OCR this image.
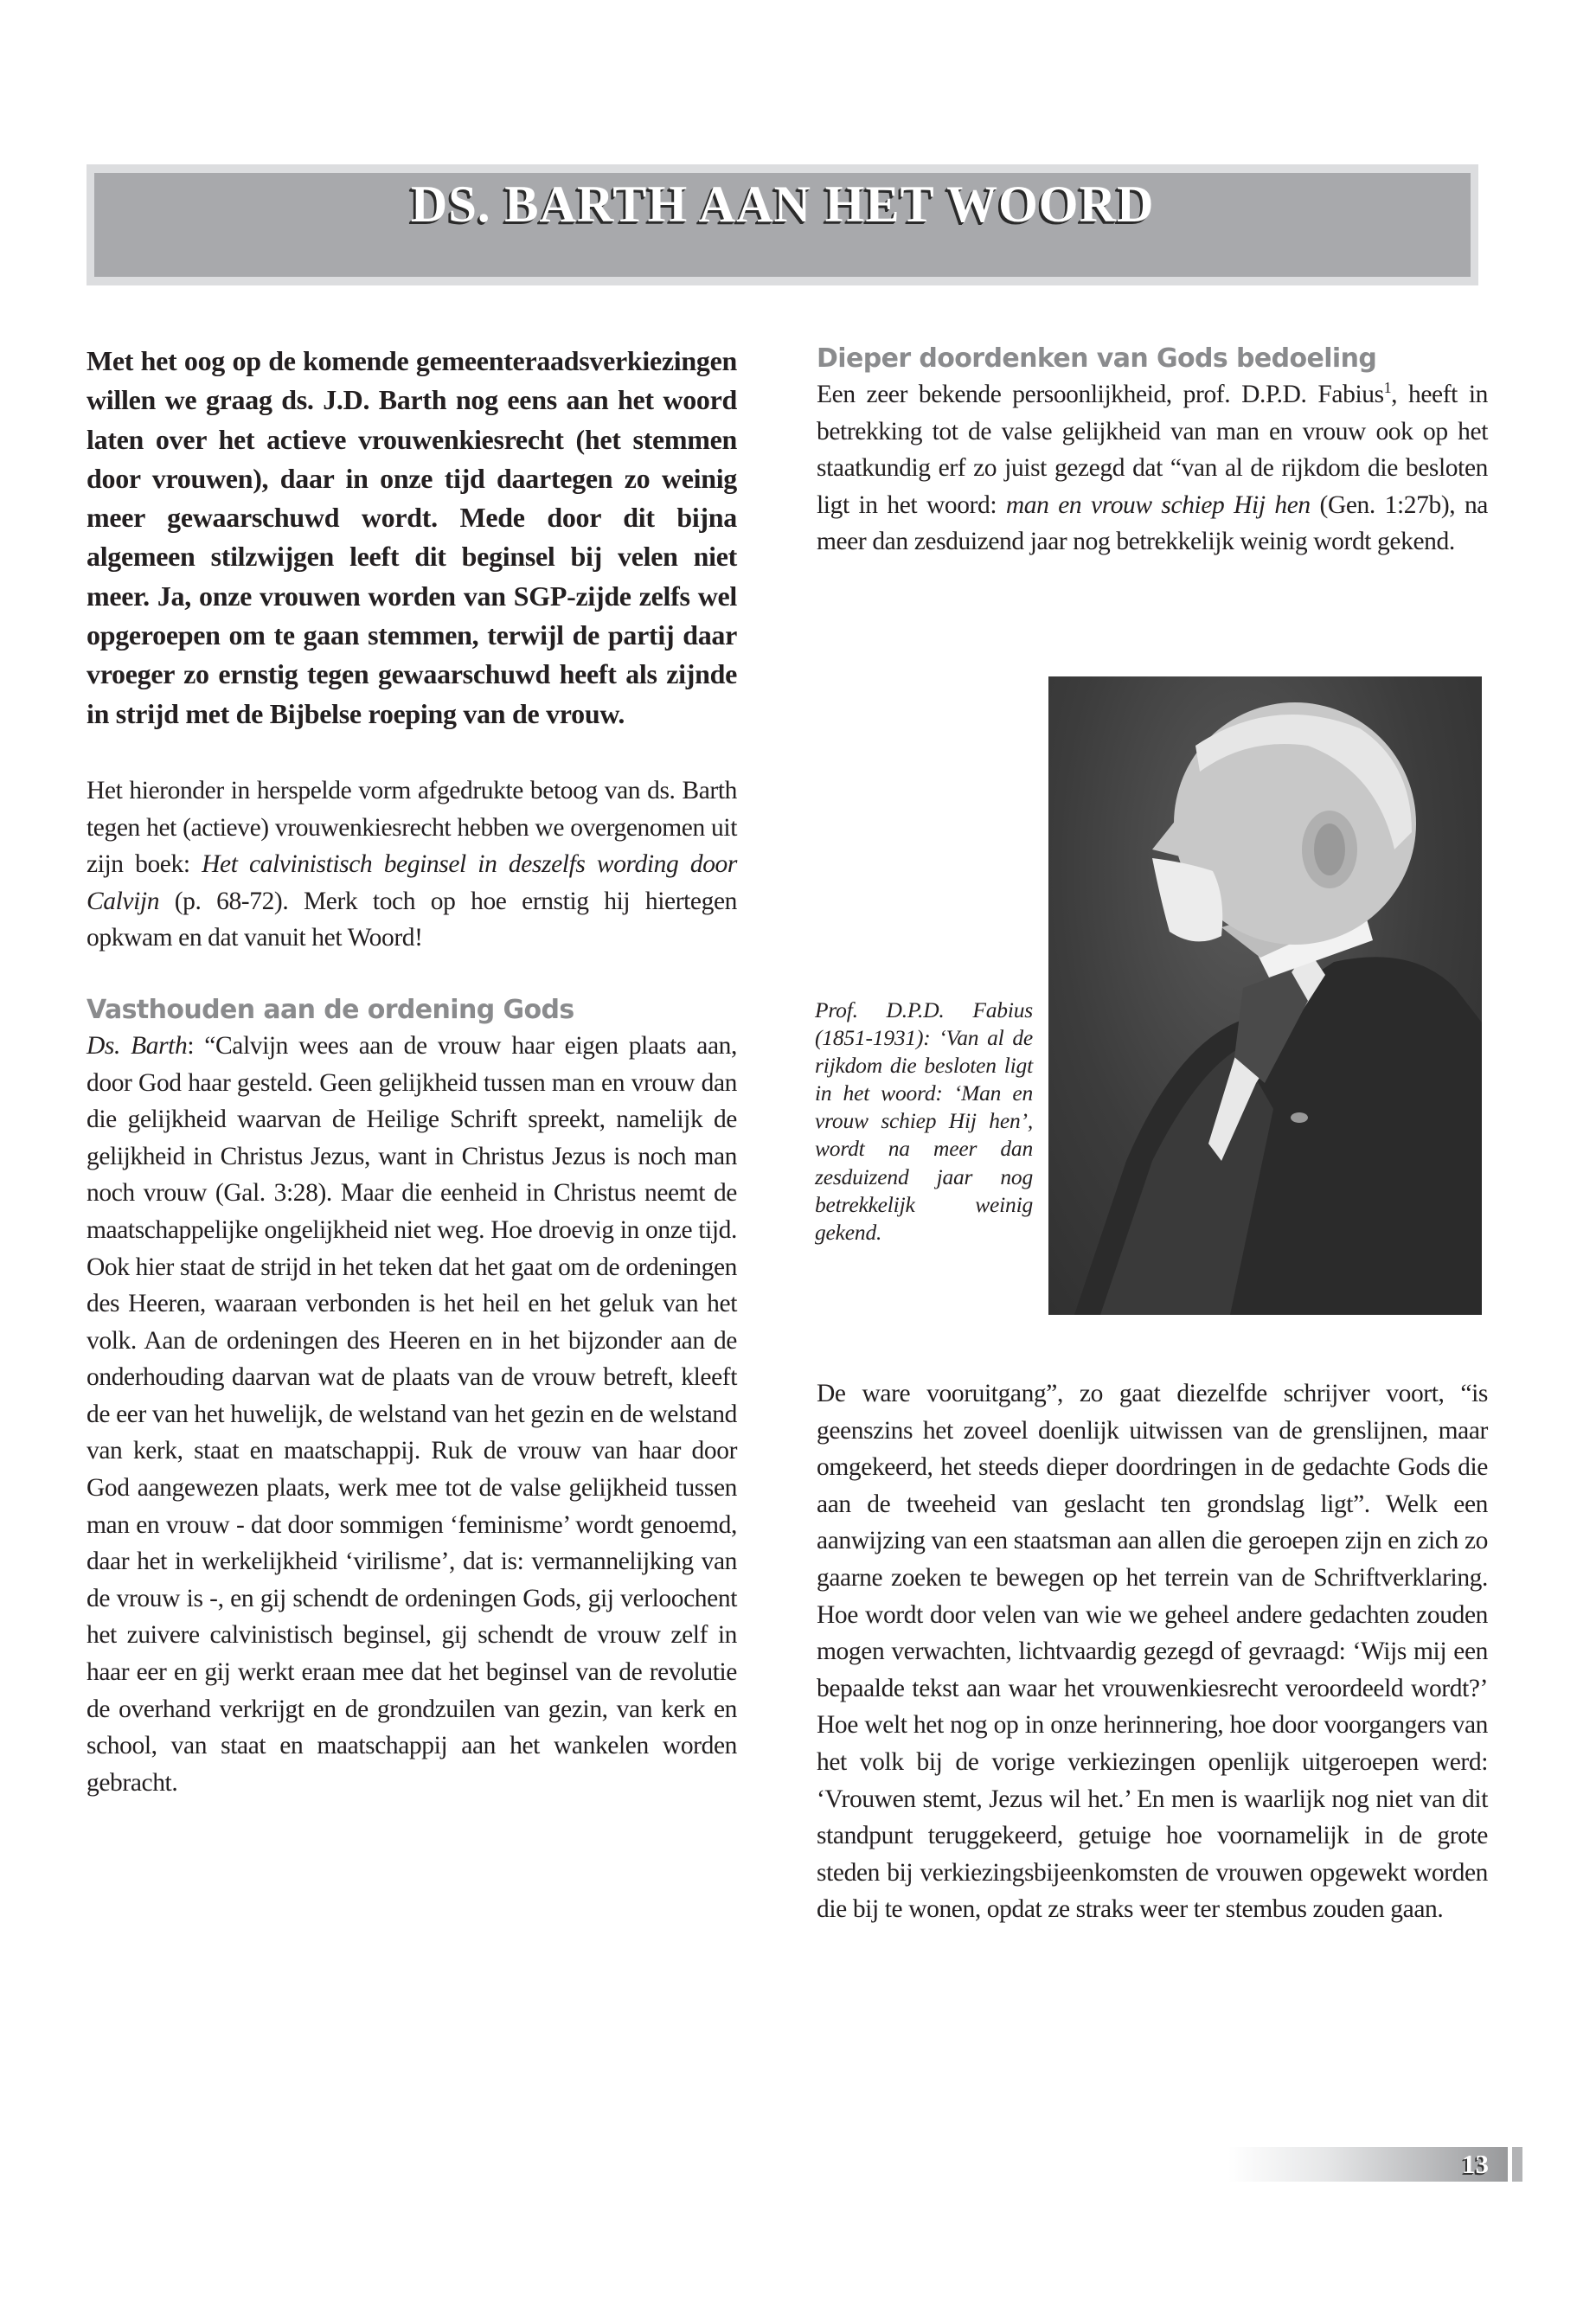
DS. BARTH AAN HET WOORD

Met het oog op de komende gemeenteraadsverkiezingen willen we graag ds. J.D. Barth nog eens aan het woord laten over het actieve vrouwenkiesrecht (het stemmen door vrouwen), daar in onze tijd daartegen zo weinig meer gewaarschuwd wordt. Mede door dit bijna algemeen stilzwijgen leeft dit beginsel bij velen niet meer. Ja, onze vrouwen worden van SGP-zijde zelfs wel opgeroepen om te gaan stemmen, terwijl de partij daar vroeger zo ernstig tegen gewaarschuwd heeft als zijnde in strijd met de Bijbelse roeping van de vrouw.

Het hieronder in herspelde vorm afgedrukte betoog van ds. Barth tegen het (actieve) vrouwenkiesrecht hebben we overgenomen uit zijn boek: Het calvinistisch beginsel in deszelfs wording door Calvijn (p. 68-72). Merk toch op hoe ernstig hij hiertegen opkwam en dat vanuit het Woord!

Vasthouden aan de ordening Gods

Ds. Barth: “Calvijn wees aan de vrouw haar eigen plaats aan, door God haar gesteld. Geen gelijkheid tussen man en vrouw dan die gelijkheid waarvan de Heilige Schrift spreekt, namelijk de gelijkheid in Christus Jezus, want in Christus Jezus is noch man noch vrouw (Gal. 3:28). Maar die eenheid in Christus neemt de maatschappelijke ongelijkheid niet weg. Hoe droevig in onze tijd. Ook hier staat de strijd in het teken dat het gaat om de ordeningen des Heeren, waaraan verbonden is het heil en het geluk van het volk. Aan de ordeningen des Heeren en in het bijzonder aan de onderhouding daarvan wat de plaats van de vrouw betreft, kleeft de eer van het huwelijk, de welstand van het gezin en de welstand van kerk, staat en maatschappij. Ruk de vrouw van haar door God aangewezen plaats, werk mee tot de valse gelijkheid tussen man en vrouw - dat door sommigen ‘feminisme’ wordt genoemd, daar het in werkelijkheid ‘virilisme’, dat is: vermannelijking van de vrouw is -, en gij schendt de ordeningen Gods, gij verloochent het zuivere calvinistisch beginsel, gij schendt de vrouw zelf in haar eer en gij werkt eraan mee dat het beginsel van de revolutie de overhand verkrijgt en de grondzuilen van gezin, van kerk en school, van staat en maatschappij aan het wankelen worden gebracht.

Dieper doordenken van Gods bedoeling

Een zeer bekende persoonlijkheid, prof. D.P.D. Fabius$^1$, heeft in betrekking tot de valse gelijkheid van man en vrouw ook op het staatkundig erf zo juist gezegd dat “van al de rijkdom die besloten ligt in het woord: man en vrouw schiep Hij hen (Gen. 1:27b), na meer dan zesduizend jaar nog betrekkelijk weinig wordt gekend.

Prof. D.P.D. Fabius (1851-1931): ‘Van al de rijkdom die besloten ligt in het woord: ‘Man en vrouw schiep Hij hen’, wordt na meer dan zesduizend jaar nog betrekkelijk weinig gekend.

De ware vooruitgang”, zo gaat diezelfde schrijver voort, “is geenszins het zoveel doenlijk uitwissen van de grenslijnen, maar omgekeerd, het steeds dieper doordringen in de gedachte Gods die aan de tweeheid van geslacht ten grondslag ligt”. Welk een aanwijzing van een staatsman aan allen die geroepen zijn en zich zo gaarne zoeken te bewegen op het terrein van de Schriftverklaring. Hoe wordt door velen van wie we geheel andere gedachten zouden mogen verwachten, lichtvaardig gezegd of gevraagd: ‘Wijs mij een bepaalde tekst aan waar het vrouwenkiesrecht veroordeeld wordt?’ Hoe welt het nog op in onze herinnering, hoe door voorgangers van het volk bij de vorige verkiezingen openlijk uitgeroepen werd: ‘Vrouwen stemt, Jezus wil het.’ En men is waarlijk nog niet van dit standpunt teruggekeerd, getuige hoe voornamelijk in de grote steden bij verkiezingsbijeenkomsten de vrouwen opgewekt worden die bij te wonen, opdat ze straks weer ter stembus zouden gaan.

13
